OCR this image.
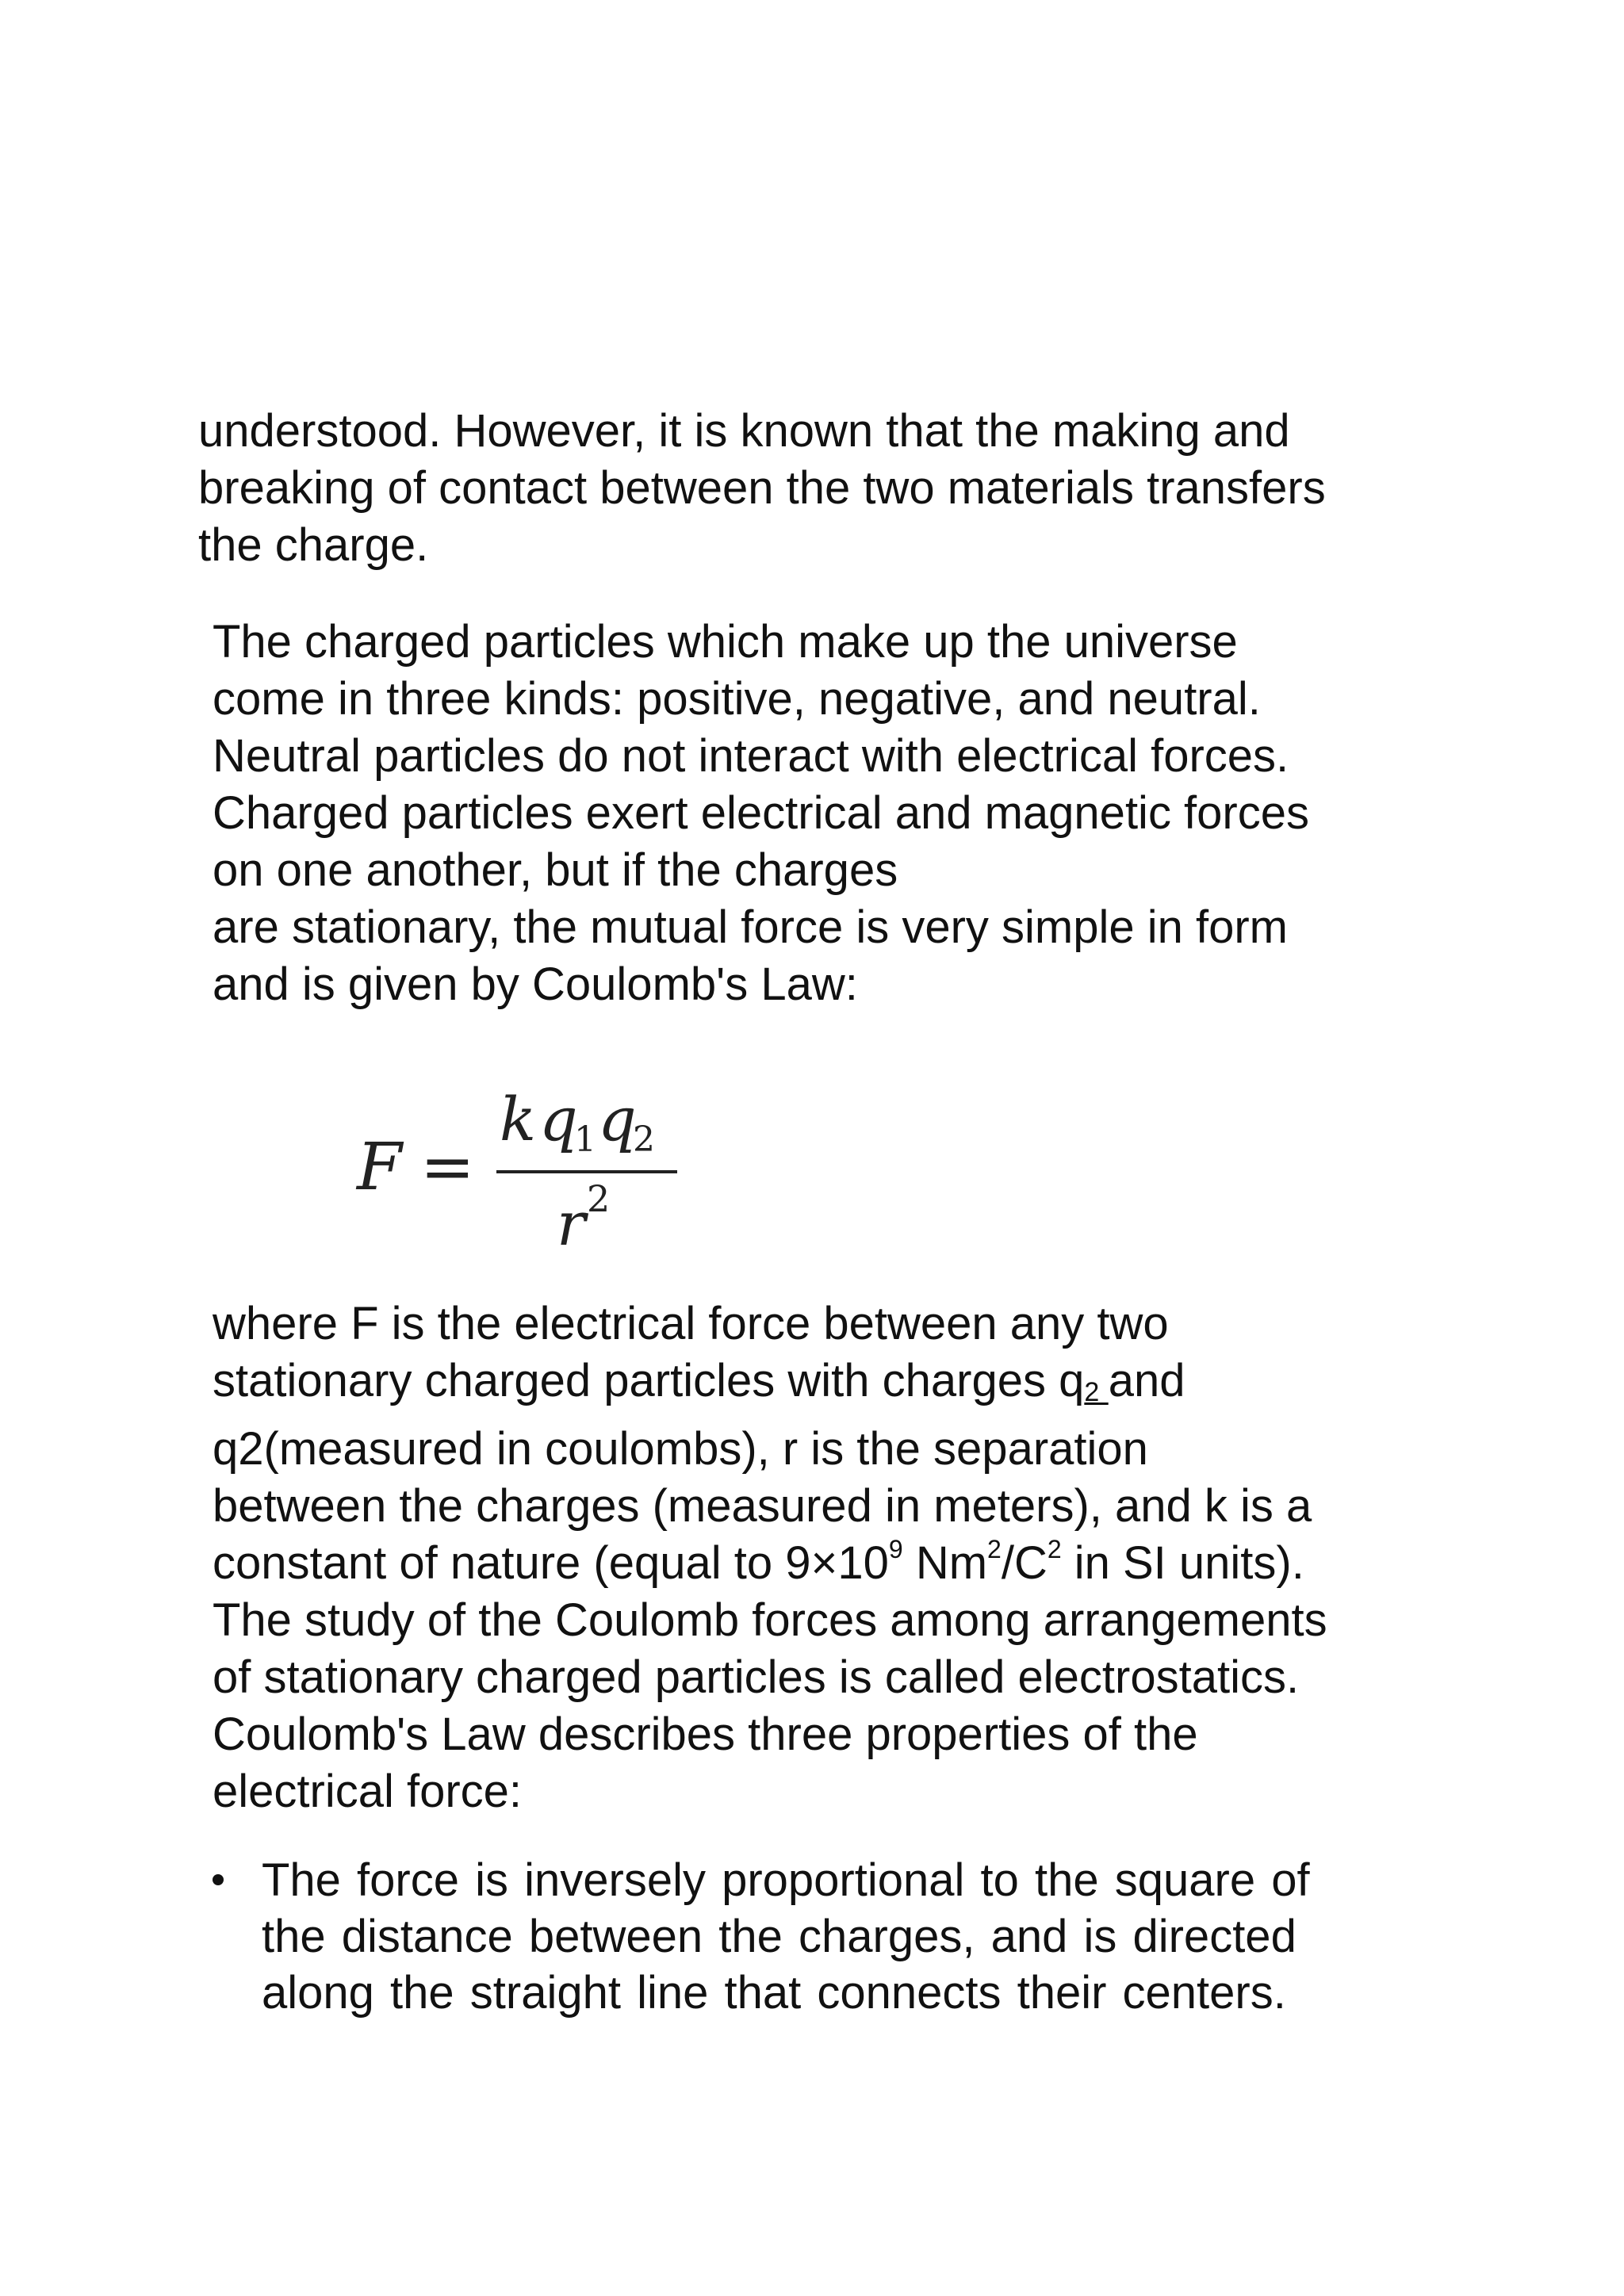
understood. However, it is known that the making and
breaking of contact between the two materials transfers
the charge.

The charged particles which make up the universe
come in three kinds: positive, negative, and neutral.
Neutral particles do not interact with electrical forces.
Charged particles exert electrical and magnetic forces
on one another, but if the charges
are stationary, the mutual force is very simple in form
and is given by Coulomb's Law:

F =
k q
1 q
2
r 2

where F is the electrical force between any two
stationary charged particles with charges q2 and
q2(measured in coulombs), r is the separation
between the charges (measured in meters), and k is a
constant of nature (equal to $9\times 10^9$ $Nm^2/C^2$ in SI units).
The study of the Coulomb forces among arrangements
of stationary charged particles is called electrostatics.
Coulomb's Law describes three properties of the
electrical force:

The force is inversely proportional to the square of
the distance between the charges, and is directed
along the straight line that connects their centers.
